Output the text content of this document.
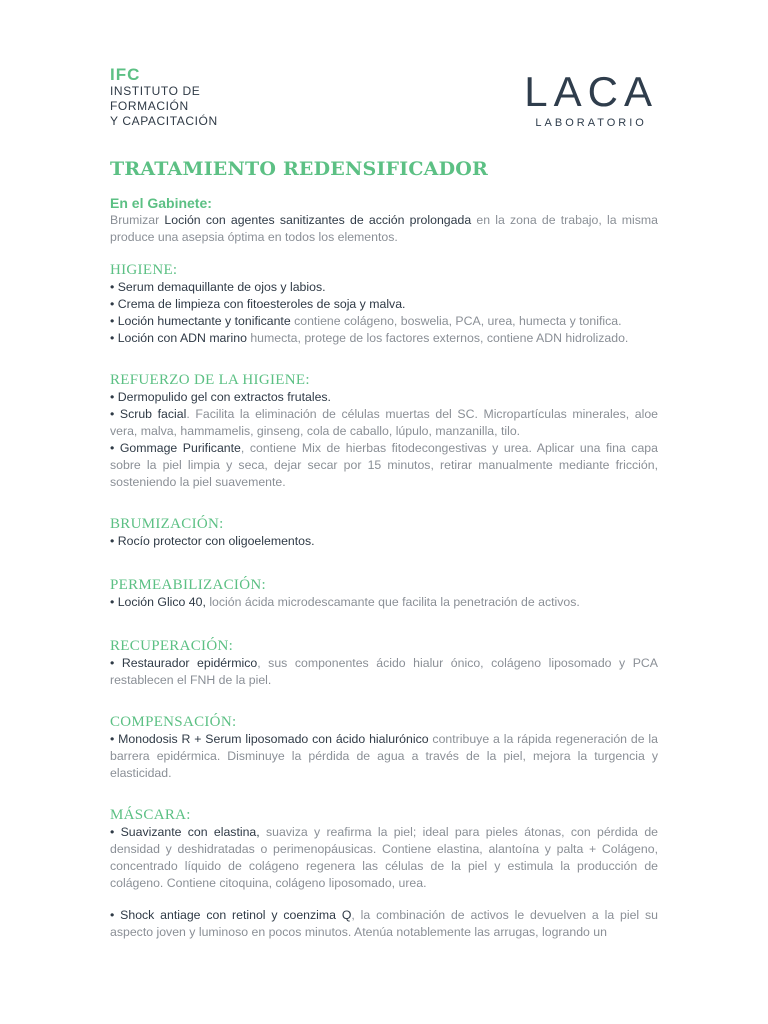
IFC
INSTITUTO DE
FORMACIÓN
Y CAPACITACIÓN
LACA
LABORATORIO
TRATAMIENTO REDENSIFICADOR
En el Gabinete:

Brumizar Loción con agentes sanitizantes de acción prolongada en la zona de trabajo, la misma produce una asepsia óptima en todos los elementos.

HIGIENE:

• Serum demaquillante de ojos y labios.

• Crema de limpieza con fitoesteroles de soja y malva.

• Loción humectante y tonificante contiene colágeno, boswelia, PCA, urea, humecta y tonifica.

• Loción con ADN marino humecta, protege de los factores externos, contiene ADN hidrolizado.

REFUERZO DE LA HIGIENE:

• Dermopulido gel con extractos frutales.

• Scrub facial. Facilita la eliminación de células muertas del SC. Micropartículas minerales, aloe vera, malva, hammamelis, ginseng, cola de caballo, lúpulo, manzanilla, tilo.

• Gommage Purificante, contiene Mix de hierbas fitodecongestivas y urea. Aplicar una fina capa sobre la piel limpia y seca, dejar secar por 15 minutos, retirar manualmente mediante fricción, sosteniendo la piel suavemente.

BRUMIZACIÓN:

• Rocío protector con oligoelementos.

PERMEABILIZACIÓN:

• Loción Glico 40, loción ácida microdescamante que facilita la penetración de activos.

RECUPERACIÓN:

• Restaurador epidérmico, sus componentes ácido hialur ónico, colágeno liposomado y PCA restablecen el FNH de la piel.

COMPENSACIÓN:

• Monodosis R + Serum liposomado con ácido hialurónico contribuye a la rápida regeneración de la barrera epidérmica. Disminuye la pérdida de agua a través de la piel, mejora la turgencia y elasticidad.

MÁSCARA:

• Suavizante con elastina, suaviza y reafirma la piel; ideal para pieles átonas, con pérdida de densidad y deshidratadas o perimenopáusicas. Contiene elastina, alantoína y palta + Colágeno, concentrado líquido de colágeno regenera las células de la piel y estimula la producción de colágeno. Contiene citoquina, colágeno liposomado, urea.

• Shock antiage con retinol y coenzima Q, la combinación de activos le devuelven a la piel su aspecto joven y luminoso en pocos minutos. Atenúa notablemente las arrugas, logrando un
